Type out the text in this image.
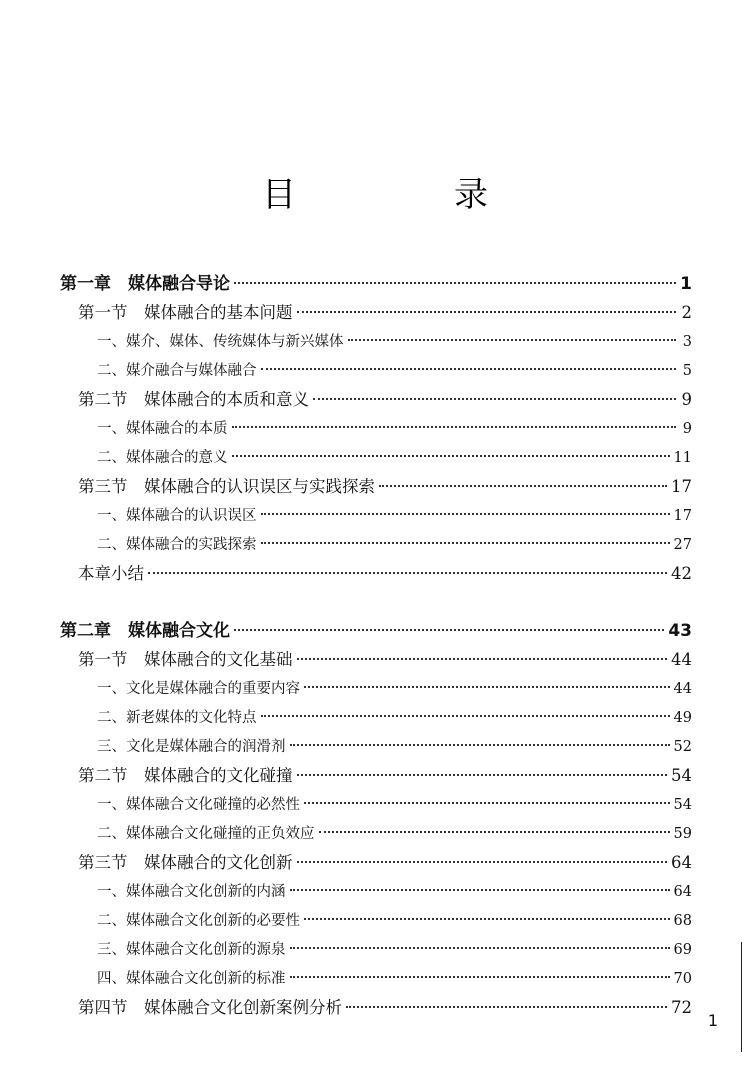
目　录
第一章　媒体融合导论	1
第一节　媒体融合的基本问题	2
一、媒介、媒体、传统媒体与新兴媒体	3
二、媒介融合与媒体融合	5
第二节　媒体融合的本质和意义	9
一、媒体融合的本质	9
二、媒体融合的意义	11
第三节　媒体融合的认识误区与实践探索	17
一、媒体融合的认识误区	17
二、媒体融合的实践探索	27
本章小结	42
第二章　媒体融合文化	43
第一节　媒体融合的文化基础	44
一、文化是媒体融合的重要内容	44
二、新老媒体的文化特点	49
三、文化是媒体融合的润滑剂	52
第二节　媒体融合的文化碰撞	54
一、媒体融合文化碰撞的必然性	54
二、媒体融合文化碰撞的正负效应	59
第三节　媒体融合的文化创新	64
一、媒体融合文化创新的内涵	64
二、媒体融合文化创新的必要性	68
三、媒体融合文化创新的源泉	69
四、媒体融合文化创新的标准	70
第四节　媒体融合文化创新案例分析	72
1
